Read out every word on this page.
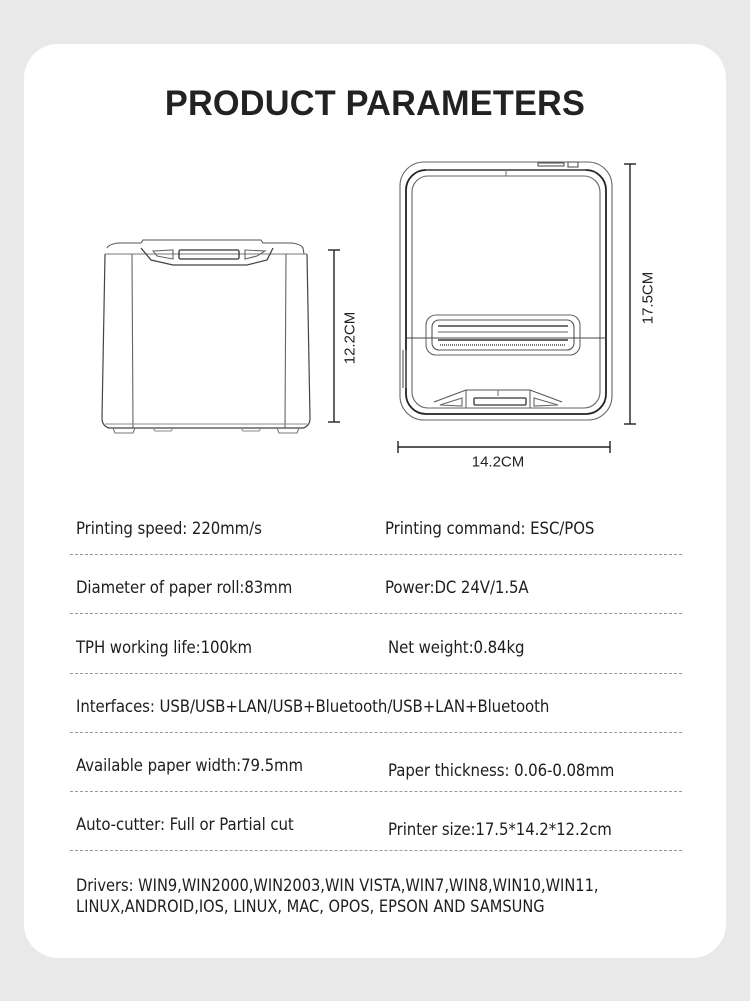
PRODUCT PARAMETERS
12.2CM
17.5CM
14.2CM
Printing speed: 220mm/s	Printing command: ESC/POS
Diameter of paper roll:83mm	Power:DC 24V/1.5A
TPH working life:100km	Net weight:0.84kg
Interfaces: USB/USB+LAN/USB+Bluetooth/USB+LAN+Bluetooth
Available paper width:79.5mm	Paper thickness: 0.06-0.08mm
Auto-cutter: Full or Partial cut	Printer size:17.5*14.2*12.2cm
Drivers: WIN9,WIN2000,WIN2003,WIN VISTA,WIN7,WIN8,WIN10,WIN11,
LINUX,ANDROID,IOS, LINUX, MAC, OPOS, EPSON AND SAMSUNG
